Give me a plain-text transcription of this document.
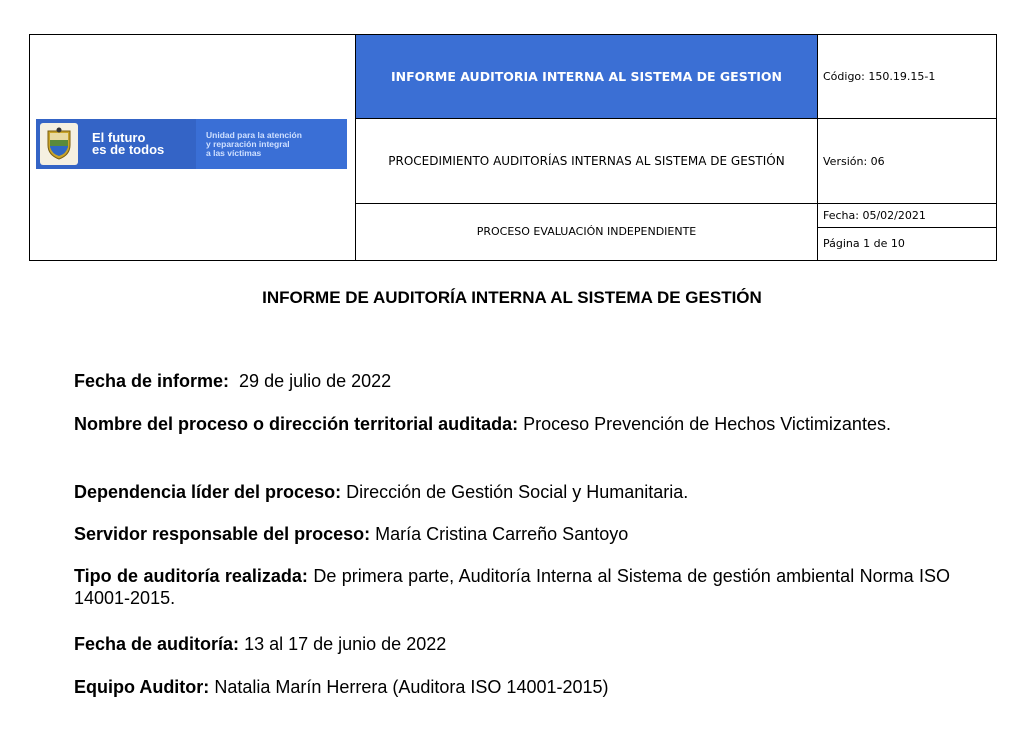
El futuro
es de todos
Unidad para la atención
y reparación integral
a las víctimas	INFORME AUDITORIA INTERNA AL SISTEMA DE GESTION	Código: 150.19.15-1
	PROCEDIMIENTO AUDITORÍAS INTERNAS AL SISTEMA DE GESTIÓN	Versión: 06
	PROCESO EVALUACIÓN INDEPENDIENTE	Fecha: 05/02/2021
		Página 1 de 10
INFORME DE AUDITORÍA INTERNA AL SISTEMA DE GESTIÓN
Fecha de informe: 29 de julio de 2022
Nombre del proceso o dirección territorial auditada: Proceso Prevención de Hechos Victimizantes.
Dependencia líder del proceso: Dirección de Gestión Social y Humanitaria.
Servidor responsable del proceso: María Cristina Carreño Santoyo
Tipo de auditoría realizada: De primera parte, Auditoría Interna al Sistema de gestión ambiental Norma ISO 14001-2015.
Fecha de auditoría: 13 al 17 de junio de 2022
Equipo Auditor: Natalia Marín Herrera (Auditora ISO 14001-2015)
